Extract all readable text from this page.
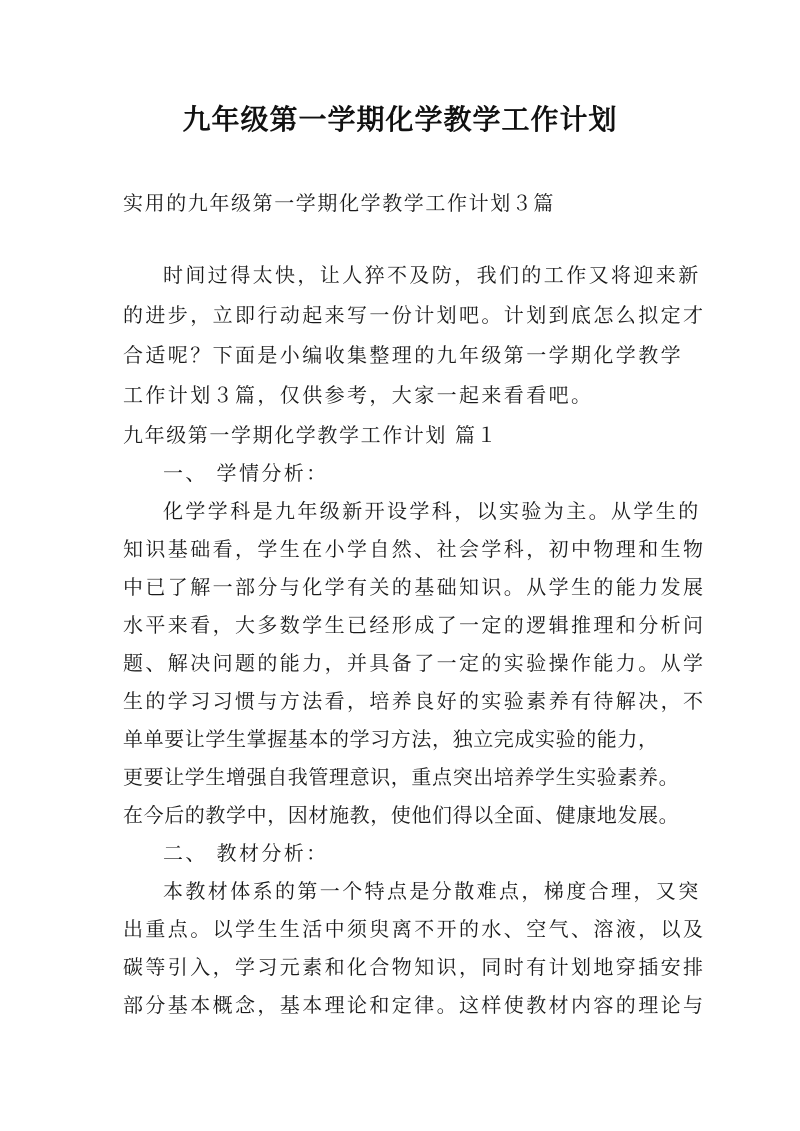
九年级第一学期化学教学工作计划
实用的九年级第一学期化学教学工作计划３篇
时间过得太快，让人猝不及防，我们的工作又将迎来新
的进步，立即行动起来写一份计划吧。计划到底怎么拟定才
合适呢？下面是小编收集整理的九年级第一学期化学教学
工作计划３篇，仅供参考，大家一起来看看吧。
九年级第一学期化学教学工作计划 篇１
一、 学情分析：
化学学科是九年级新开设学科，以实验为主。从学生的
知识基础看，学生在小学自然、社会学科，初中物理和生物
中已了解一部分与化学有关的基础知识。从学生的能力发展
水平来看，大多数学生已经形成了一定的逻辑推理和分析问
题、解决问题的能力，并具备了一定的实验操作能力。从学
生的学习习惯与方法看，培养良好的实验素养有待解决，不
单单要让学生掌握基本的学习方法，独立完成实验的能力，
更要让学生增强自我管理意识，重点突出培养学生实验素养。
在今后的教学中，因材施教，使他们得以全面、健康地发展。
二、 教材分析：
本教材体系的第一个特点是分散难点，梯度合理，又突
出重点。以学生生活中须臾离不开的水、空气、溶液，以及
碳等引入，学习元素和化合物知识，同时有计划地穿插安排
部分基本概念，基本理论和定律。这样使教材内容的理论与
